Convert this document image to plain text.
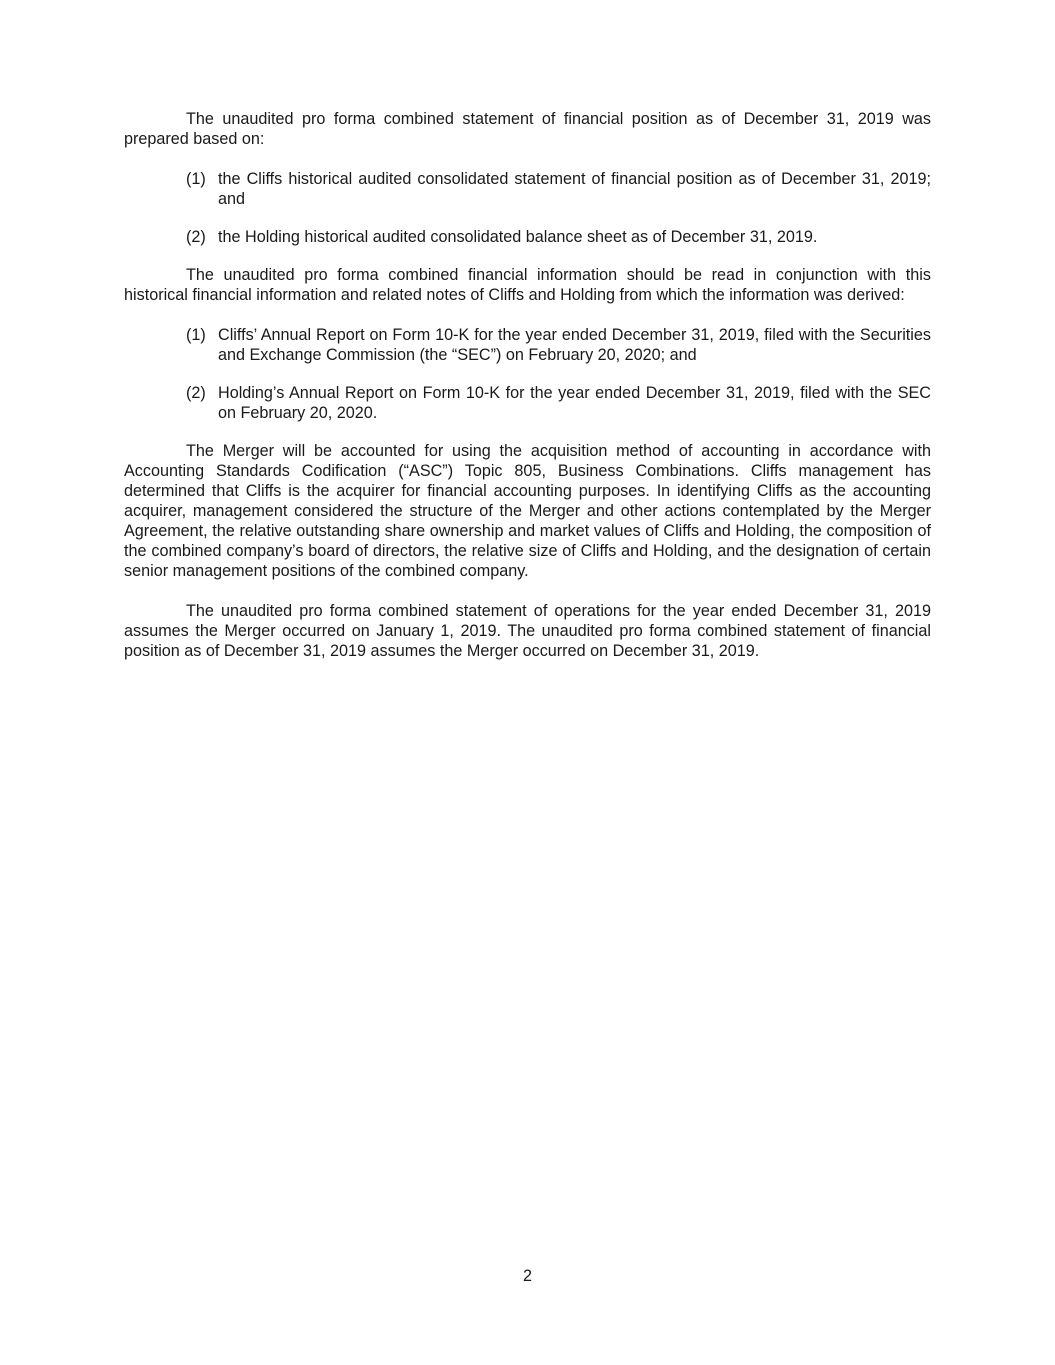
The unaudited pro forma combined statement of financial position as of December 31, 2019 was prepared based on:

(1) the Cliffs historical audited consolidated statement of financial position as of December 31, 2019; and
(2) the Holding historical audited consolidated balance sheet as of December 31, 2019.

The unaudited pro forma combined financial information should be read in conjunction with this historical financial information and related notes of Cliffs and Holding from which the information was derived:

(1) Cliffs’ Annual Report on Form 10-K for the year ended December 31, 2019, filed with the Securities and Exchange Commission (the “SEC”) on February 20, 2020; and
(2) Holding’s Annual Report on Form 10-K for the year ended December 31, 2019, filed with the SEC on February 20, 2020.

The Merger will be accounted for using the acquisition method of accounting in accordance with Accounting Standards Codification (“ASC”) Topic 805, Business Combinations. Cliffs management has determined that Cliffs is the acquirer for financial accounting purposes. In identifying Cliffs as the accounting acquirer, management considered the structure of the Merger and other actions contemplated by the Merger Agreement, the relative outstanding share ownership and market values of Cliffs and Holding, the composition of the combined company’s board of directors, the relative size of Cliffs and Holding, and the designation of certain senior management positions of the combined company.

The unaudited pro forma combined statement of operations for the year ended December 31, 2019 assumes the Merger occurred on January 1, 2019. The unaudited pro forma combined statement of financial position as of December 31, 2019 assumes the Merger occurred on December 31, 2019.

2
